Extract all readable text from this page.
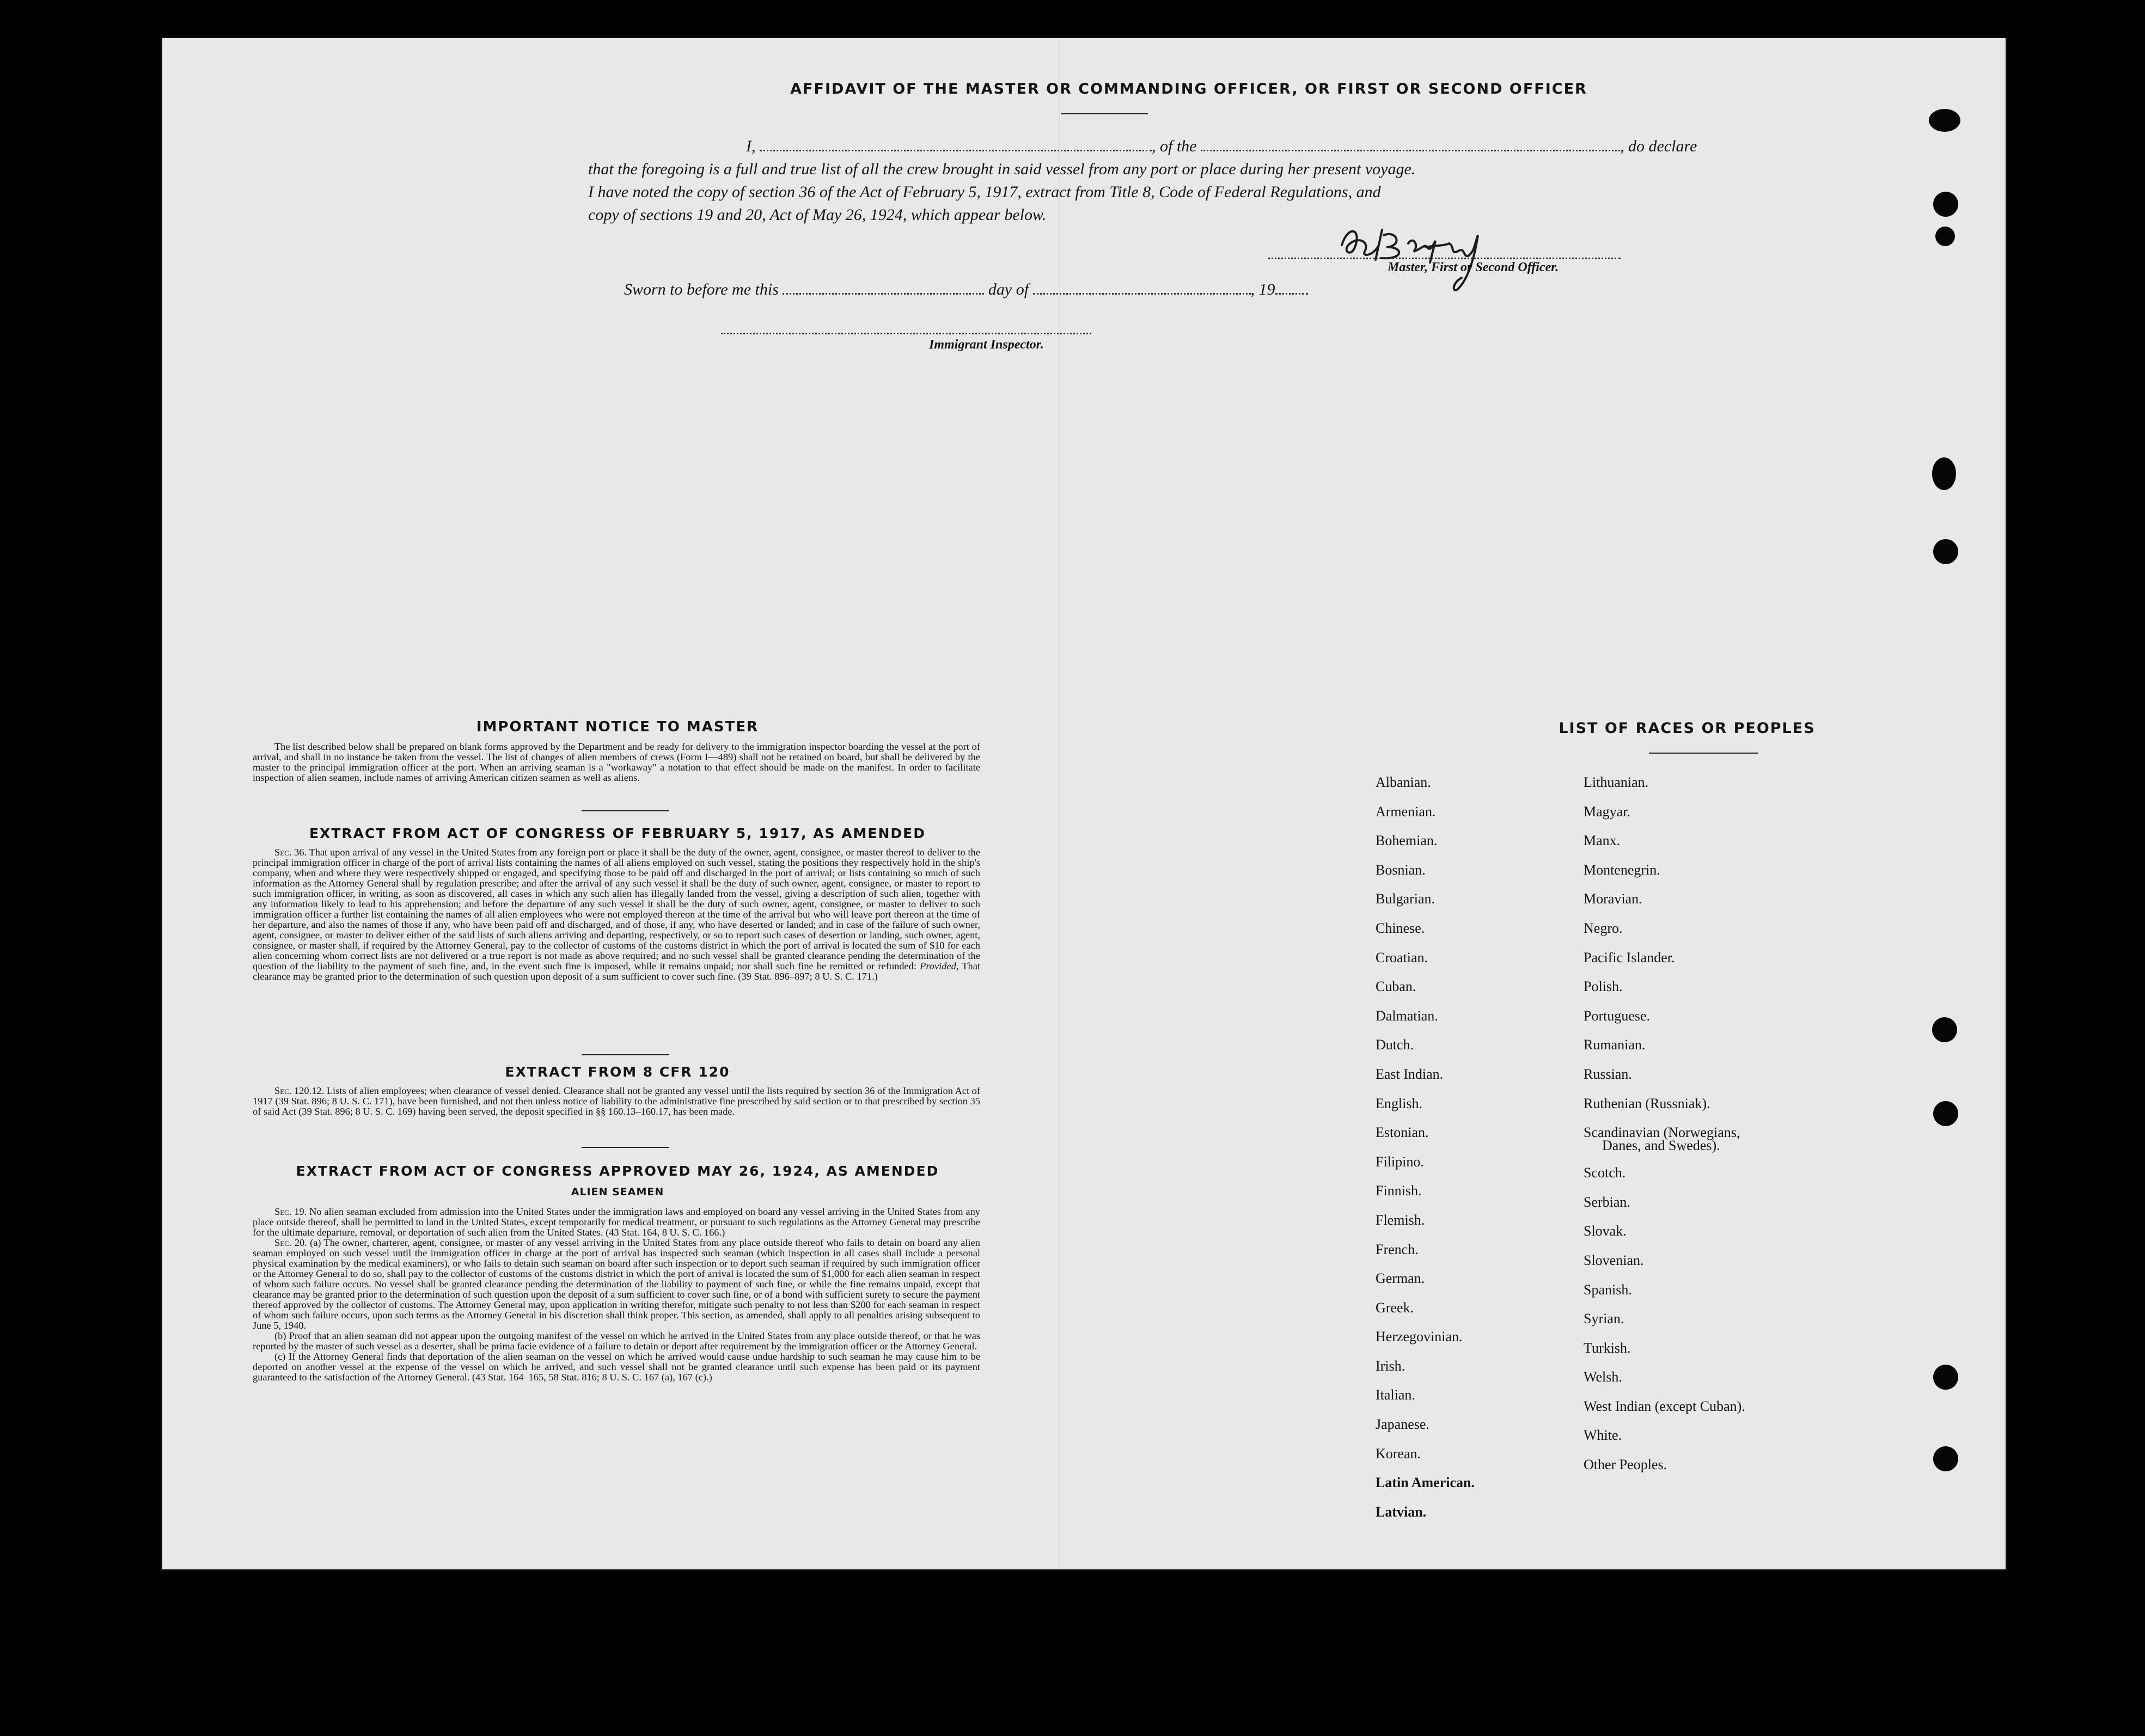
AFFIDAVIT OF THE MASTER OR COMMANDING OFFICER, OR FIRST OR SECOND OFFICER

I,	, of the	, do declare

that the foregoing is a full and true list of all the crew brought in said vessel from any port or place during her present voyage.

I have noted the copy of section 36 of the Act of February 5, 1917, extract from Title 8, Code of Federal Regulations, and

copy of sections 19 and 20, Act of May 26, 1924, which appear below.

Master, First or Second Officer.
Sworn to before me this	day of	, 19
Immigrant Inspector.
IMPORTANT NOTICE TO MASTER

The list described below shall be prepared on blank forms approved by the Department and be ready for delivery to the immigration inspector boarding the vessel at the port of arrival, and shall in no instance be taken from the vessel. The list of changes of alien members of crews (Form I—489) shall not be retained on board, but shall be delivered by the master to the principal immigration officer at the port. When an arriving seaman is a "workaway" a notation to that effect should be made on the manifest. In order to facilitate inspection of alien seamen, include names of arriving American citizen seamen as well as aliens.

EXTRACT FROM ACT OF CONGRESS OF FEBRUARY 5, 1917, AS AMENDED

Sec. 36. That upon arrival of any vessel in the United States from any foreign port or place it shall be the duty of the owner, agent, consignee, or master thereof to deliver to the principal immigration officer in charge of the port of arrival lists containing the names of all aliens employed on such vessel, stating the positions they respectively hold in the ship's company, when and where they were respectively shipped or engaged, and specifying those to be paid off and discharged in the port of arrival; or lists containing so much of such information as the Attorney General shall by regulation prescribe; and after the arrival of any such vessel it shall be the duty of such owner, agent, consignee, or master to report to such immigration officer, in writing, as soon as discovered, all cases in which any such alien has illegally landed from the vessel, giving a description of such alien, together with any information likely to lead to his apprehension; and before the departure of any such vessel it shall be the duty of such owner, agent, consignee, or master to deliver to such immigration officer a further list containing the names of all alien employees who were not employed thereon at the time of the arrival but who will leave port thereon at the time of her departure, and also the names of those if any, who have been paid off and discharged, and of those, if any, who have deserted or landed; and in case of the failure of such owner, agent, consignee, or master to deliver either of the said lists of such aliens arriving and departing, respectively, or so to report such cases of desertion or landing, such owner, agent, consignee, or master shall, if required by the Attorney General, pay to the collector of customs of the customs district in which the port of arrival is located the sum of $10 for each alien concerning whom correct lists are not delivered or a true report is not made as above required; and no such vessel shall be granted clearance pending the determination of the question of the liability to the payment of such fine, and, in the event such fine is imposed, while it remains unpaid; nor shall such fine be remitted or refunded: Provided, That clearance may be granted prior to the determination of such question upon deposit of a sum sufficient to cover such fine. (39 Stat. 896–897; 8 U. S. C. 171.)

EXTRACT FROM 8 CFR 120

Sec. 120.12. Lists of alien employees; when clearance of vessel denied. Clearance shall not be granted any vessel until the lists required by section 36 of the Immigration Act of 1917 (39 Stat. 896; 8 U. S. C. 171), have been furnished, and not then unless notice of liability to the administrative fine prescribed by said section or to that prescribed by section 35 of said Act (39 Stat. 896; 8 U. S. C. 169) having been served, the deposit specified in §§ 160.13–160.17, has been made.

EXTRACT FROM ACT OF CONGRESS APPROVED MAY 26, 1924, AS AMENDED
ALIEN SEAMEN

Sec. 19. No alien seaman excluded from admission into the United States under the immigration laws and employed on board any vessel arriving in the United States from any place outside thereof, shall be permitted to land in the United States, except temporarily for medical treatment, or pursuant to such regulations as the Attorney General may prescribe for the ultimate departure, removal, or deportation of such alien from the United States. (43 Stat. 164, 8 U. S. C. 166.)

Sec. 20. (a) The owner, charterer, agent, consignee, or master of any vessel arriving in the United States from any place outside thereof who fails to detain on board any alien seaman employed on such vessel until the immigration officer in charge at the port of arrival has inspected such seaman (which inspection in all cases shall include a personal physical examination by the medical examiners), or who fails to detain such seaman on board after such inspection or to deport such seaman if required by such immigration officer or the Attorney General to do so, shall pay to the collector of customs of the customs district in which the port of arrival is located the sum of $1,000 for each alien seaman in respect of whom such failure occurs. No vessel shall be granted clearance pending the determination of the liability to payment of such fine, or while the fine remains unpaid, except that clearance may be granted prior to the determination of such question upon the deposit of a sum sufficient to cover such fine, or of a bond with sufficient surety to secure the payment thereof approved by the collector of customs. The Attorney General may, upon application in writing therefor, mitigate such penalty to not less than $200 for each seaman in respect of whom such failure occurs, upon such terms as the Attorney General in his discretion shall think proper. This section, as amended, shall apply to all penalties arising subsequent to June 5, 1940.

(b) Proof that an alien seaman did not appear upon the outgoing manifest of the vessel on which he arrived in the United States from any place outside thereof, or that he was reported by the master of such vessel as a deserter, shall be prima facie evidence of a failure to detain or deport after requirement by the immigration officer or the Attorney General.

(c) If the Attorney General finds that deportation of the alien seaman on the vessel on which he arrived would cause undue hardship to such seaman he may cause him to be deported on another vessel at the expense of the vessel on which he arrived, and such vessel shall not be granted clearance until such expense has been paid or its payment guaranteed to the satisfaction of the Attorney General. (43 Stat. 164–165, 58 Stat. 816; 8 U. S. C. 167 (a), 167 (c).)

LIST OF RACES OR PEOPLES
Albanian.
Armenian.
Bohemian.
Bosnian.
Bulgarian.
Chinese.
Croatian.
Cuban.
Dalmatian.
Dutch.
East Indian.
English.
Estonian.
Filipino.
Finnish.
Flemish.
French.
German.
Greek.
Herzegovinian.
Irish.
Italian.
Japanese.
Korean.
Latin American.
Latvian.
Lithuanian.
Magyar.
Manx.
Montenegrin.
Moravian.
Negro.
Pacific Islander.
Polish.
Portuguese.
Rumanian.
Russian.
Ruthenian (Russniak).
Scandinavian (Norwegians,
Danes, and Swedes).
Scotch.
Serbian.
Slovak.
Slovenian.
Spanish.
Syrian.
Turkish.
Welsh.
West Indian (except Cuban).
White.
Other Peoples.
